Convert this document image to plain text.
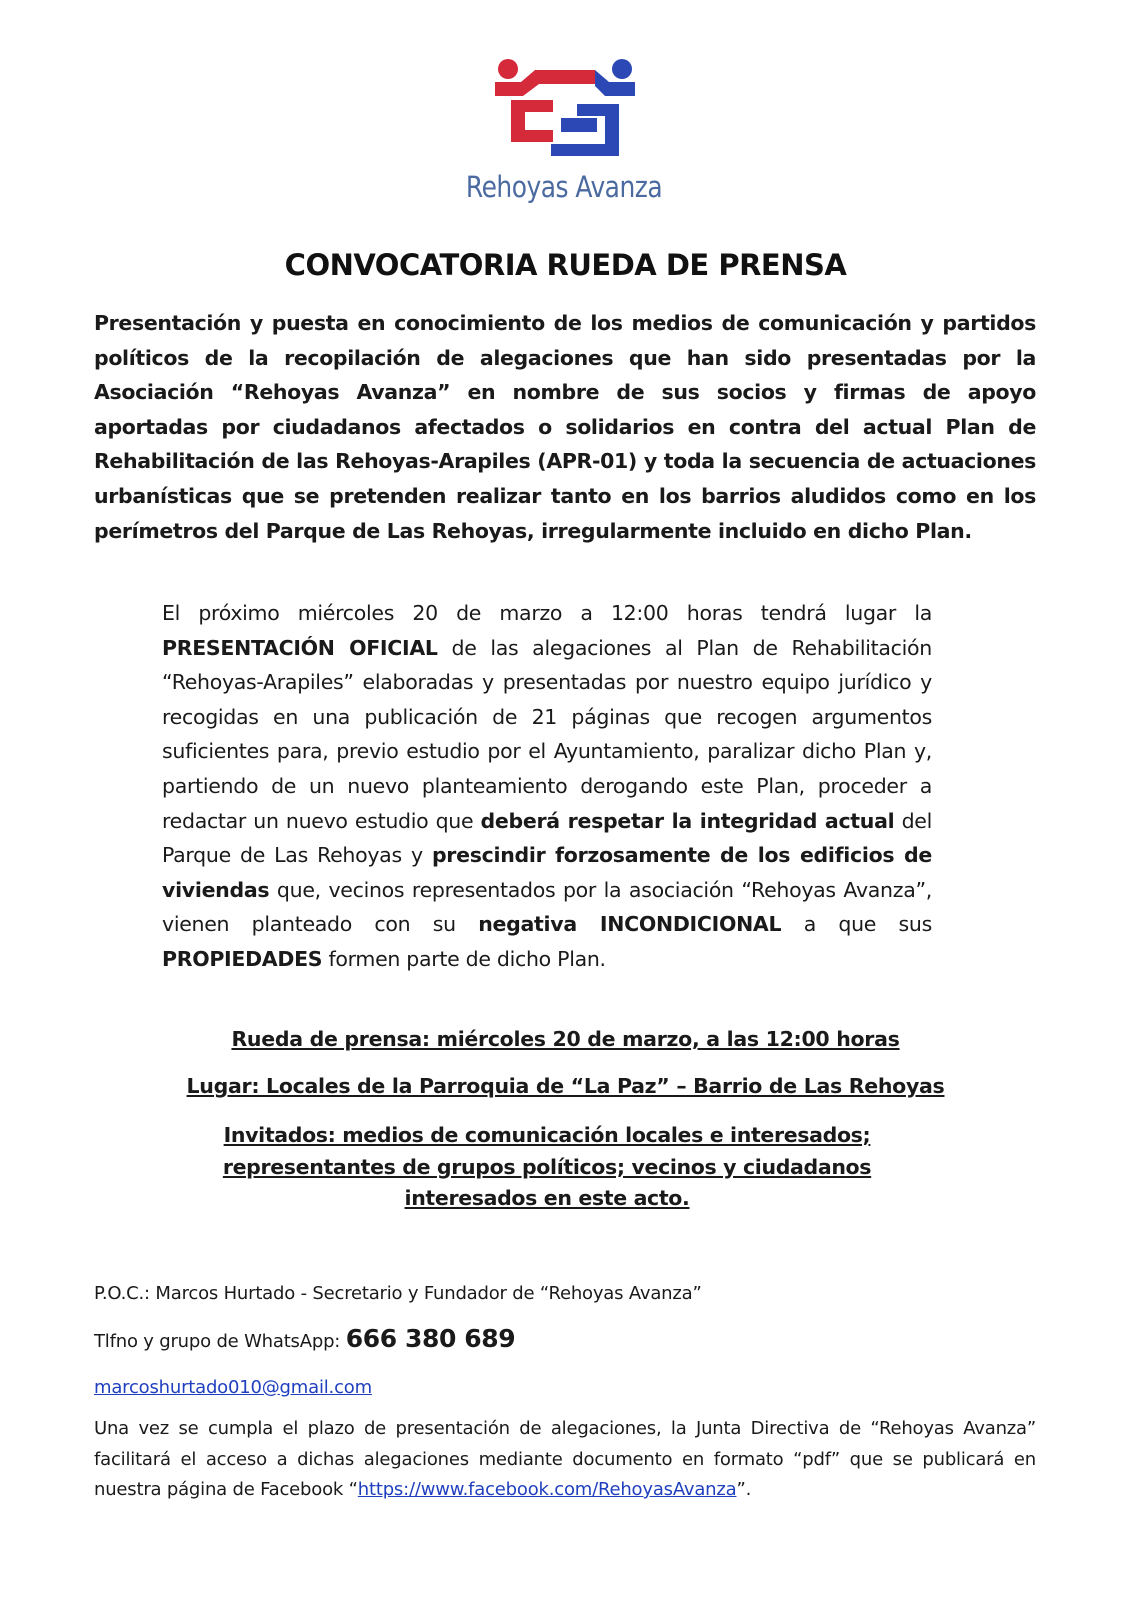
Rehoyas Avanza
CONVOCATORIA RUEDA DE PRENSA

Presentación y puesta en conocimiento de los medios de comunicación y partidos políticos de la recopilación de alegaciones que han sido presentadas por la Asociación “Rehoyas Avanza” en nombre de sus socios y firmas de apoyo aportadas por ciudadanos afectados o solidarios en contra del actual Plan de Rehabilitación de las Rehoyas-Arapiles (APR-01) y toda la secuencia de actuaciones urbanísticas que se pretenden realizar tanto en los barrios aludidos como en los perímetros del Parque de Las Rehoyas, irregularmente incluido en dicho Plan.

El próximo miércoles 20 de marzo a 12:00 horas tendrá lugar la PRESENTACIÓN OFICIAL de las alegaciones al Plan de Rehabilitación “Rehoyas-Arapiles” elaboradas y presentadas por nuestro equipo jurídico y recogidas en una publicación de 21 páginas que recogen argumentos suficientes para, previo estudio por el Ayuntamiento, paralizar dicho Plan y, partiendo de un nuevo planteamiento derogando este Plan, proceder a redactar un nuevo estudio que deberá respetar la integridad actual del Parque de Las Rehoyas y prescindir forzosamente de los edificios de viviendas que, vecinos representados por la asociación “Rehoyas Avanza”, vienen planteado con su negativa INCONDICIONAL a que sus PROPIEDADES formen parte de dicho Plan.

Rueda de prensa: miércoles 20 de marzo, a las 12:00 horas

Lugar: Locales de la Parroquia de “La Paz” – Barrio de Las Rehoyas

Invitados: medios de comunicación locales e interesados; representantes de grupos políticos; vecinos y ciudadanos interesados en este acto.

P.O.C.: Marcos Hurtado - Secretario y Fundador de “Rehoyas Avanza”

Tlfno y grupo de WhatsApp: 666 380 689

marcoshurtado010@gmail.com

Una vez se cumpla el plazo de presentación de alegaciones, la Junta Directiva de “Rehoyas Avanza” facilitará el acceso a dichas alegaciones mediante documento en formato “pdf” que se publicará en nuestra página de Facebook “https://www.facebook.com/RehoyasAvanza”.
